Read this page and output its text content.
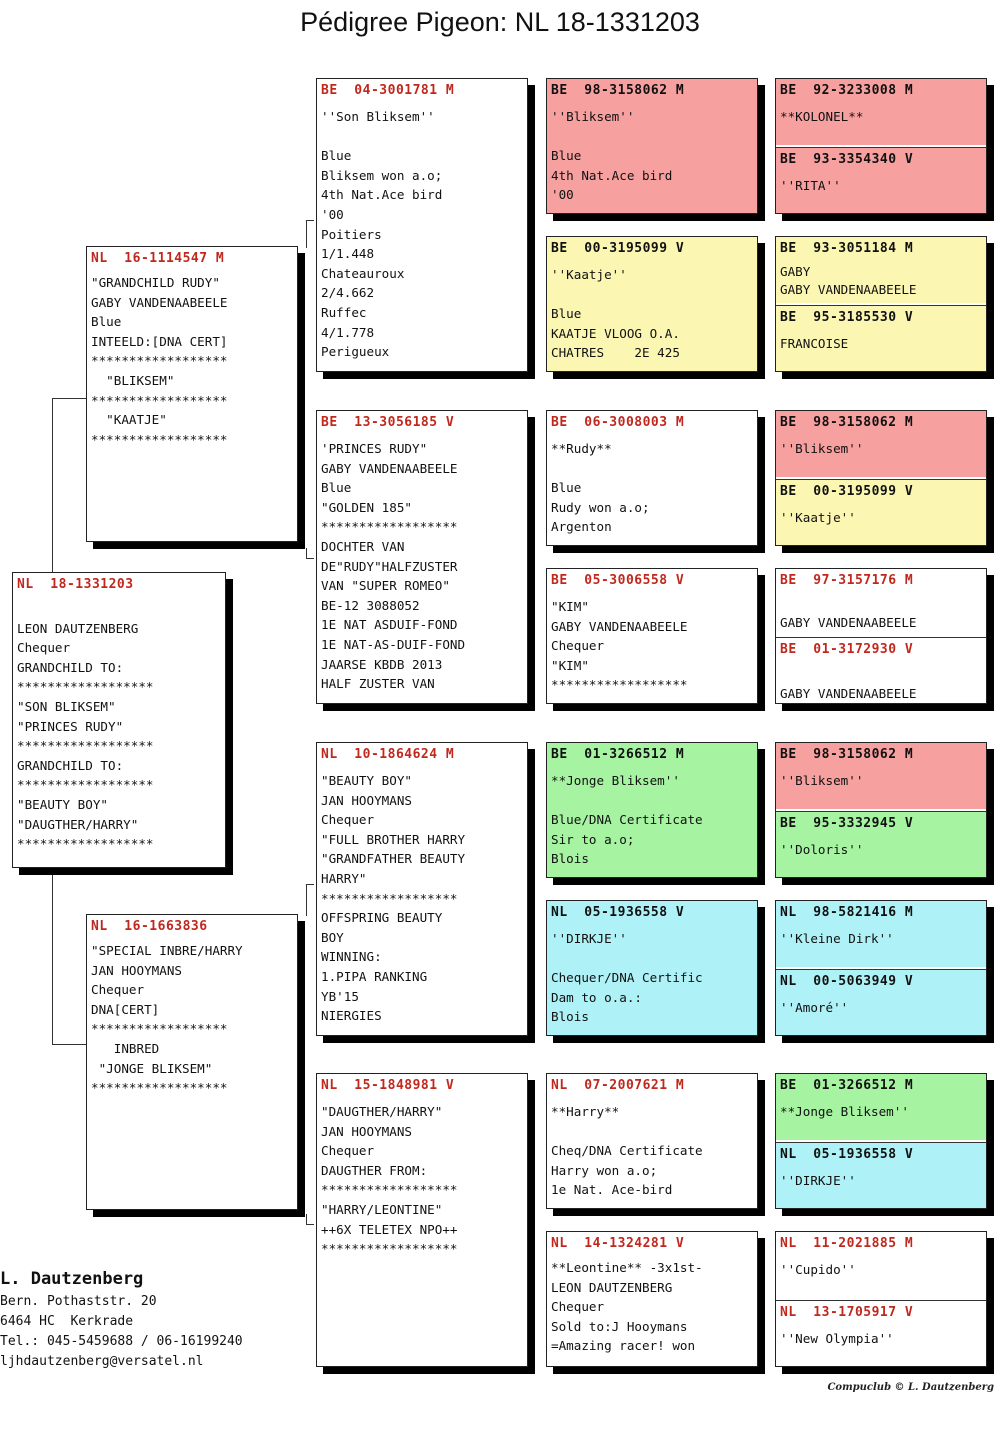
Pédigree Pigeon: NL 18-1331203
NL  18-1331203

LEON DAUTZENBERG
Chequer
GRANDCHILD TO:
******************
"SON BLIKSEM"
"PRINCES RUDY"
******************
GRANDCHILD TO:
******************
"BEAUTY BOY"
"DAUGTHER/HARRY"
******************
NL  16-1114547 M
"GRANDCHILD RUDY"
GABY VANDENAABEELE
Blue
INTEELD:[DNA CERT]
******************
"BLIKSEM"
******************
"KAATJE"
******************
NL  16-1663836
"SPECIAL INBRE/HARRY
JAN HOOYMANS
Chequer
DNA[CERT]
******************
INBRED
"JONGE BLIKSEM"
******************
BE  04-3001781 M
''Son Bliksem''

Blue
Bliksem won a.o;
4th Nat.Ace bird
'00
Poitiers
1/1.448
Chateauroux
2/4.662
Ruffec
4/1.778
Perigueux
BE  13-3056185 V
'PRINCES RUDY"
GABY VANDENAABEELE
Blue
"GOLDEN 185"
******************
DOCHTER VAN
DE"RUDY"HALFZUSTER
VAN "SUPER ROMEO"
BE-12 3088052
1E NAT ASDUIF-FOND
1E NAT-AS-DUIF-FOND
JAARSE KBDB 2013
HALF ZUSTER VAN
NL  10-1864624 M
"BEAUTY BOY"
JAN HOOYMANS
Chequer
"FULL BROTHER HARRY
"GRANDFATHER BEAUTY
HARRY"
******************
OFFSPRING BEAUTY
BOY
WINNING:
1.PIPA RANKING
YB'15
NIERGIES
NL  15-1848981 V
"DAUGTHER/HARRY"
JAN HOOYMANS
Chequer
DAUGTHER FROM:
******************
"HARRY/LEONTINE"
++6X TELETEX NPO++
******************
BE  98-3158062 M
''Bliksem''

Blue
4th Nat.Ace bird
'00
BE  00-3195099 V
''Kaatje''

Blue
KAATJE VLOOG O.A.
CHATRES    2E 425
BE  06-3008003 M
**Rudy**

Blue
Rudy won a.o;
Argenton
BE  05-3006558 V
"KIM"
GABY VANDENAABEELE
Chequer
"KIM"
******************
BE  01-3266512 M
**Jonge Bliksem''

Blue/DNA Certificate
Sir to a.o;
Blois
NL  05-1936558 V
''DIRKJE''

Chequer/DNA Certific
Dam to o.a.:
Blois
NL  07-2007621 M
**Harry**

Cheq/DNA Certificate
Harry won a.o;
1e Nat. Ace-bird
NL  14-1324281 V
**Leontine** -3x1st-
LEON DAUTZENBERG
Chequer
Sold to:J Hooymans
=Amazing racer! won
BE  92-3233008 M
**KOLONEL**
BE  93-3354340 V
''RITA''
BE  93-3051184 M
GABY
GABY VANDENAABEELE
BE  95-3185530 V
FRANCOISE
BE  98-3158062 M
''Bliksem''
BE  00-3195099 V
''Kaatje''
BE  97-3157176 M

GABY VANDENAABEELE
BE  01-3172930 V

GABY VANDENAABEELE
BE  98-3158062 M
''Bliksem''
BE  95-3332945 V
''Doloris''
NL  98-5821416 M
''Kleine Dirk''
NL  00-5063949 V
''Amoré''
BE  01-3266512 M
**Jonge Bliksem''
NL  05-1936558 V
''DIRKJE''
NL  11-2021885 M
''Cupido''
NL  13-1705917 V
''New Olympia''
L. Dautzenberg
Bern. Pothaststr. 20
6464 HC  Kerkrade
Tel.: 045-5459688 / 06-16199240
ljhdautzenberg@versatel.nl
Compuclub © L. Dautzenberg
